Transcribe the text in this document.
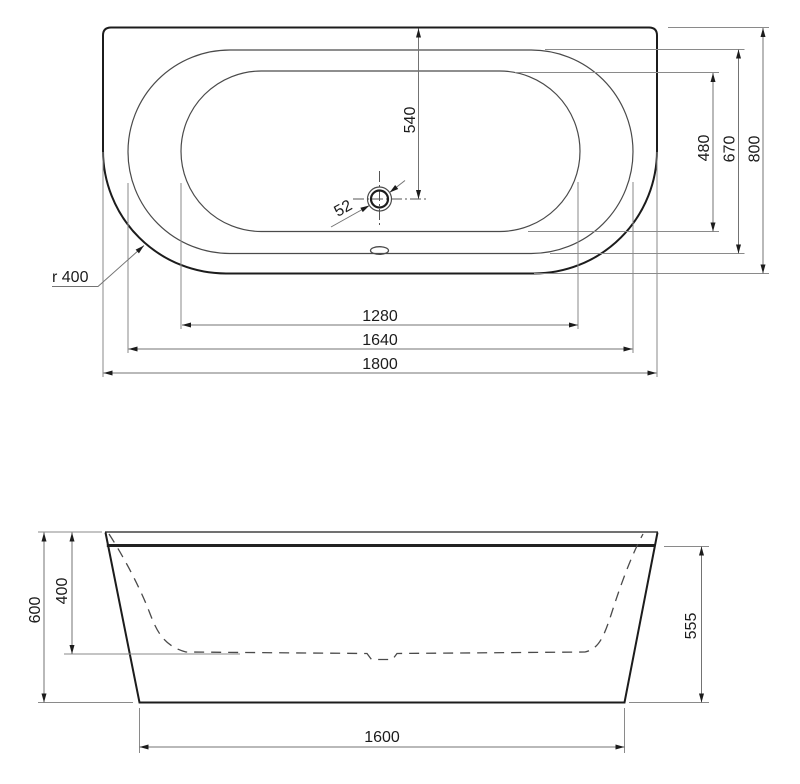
1280
1640
1800
540
480 670 800
52
r 400
600
400
555
1600
